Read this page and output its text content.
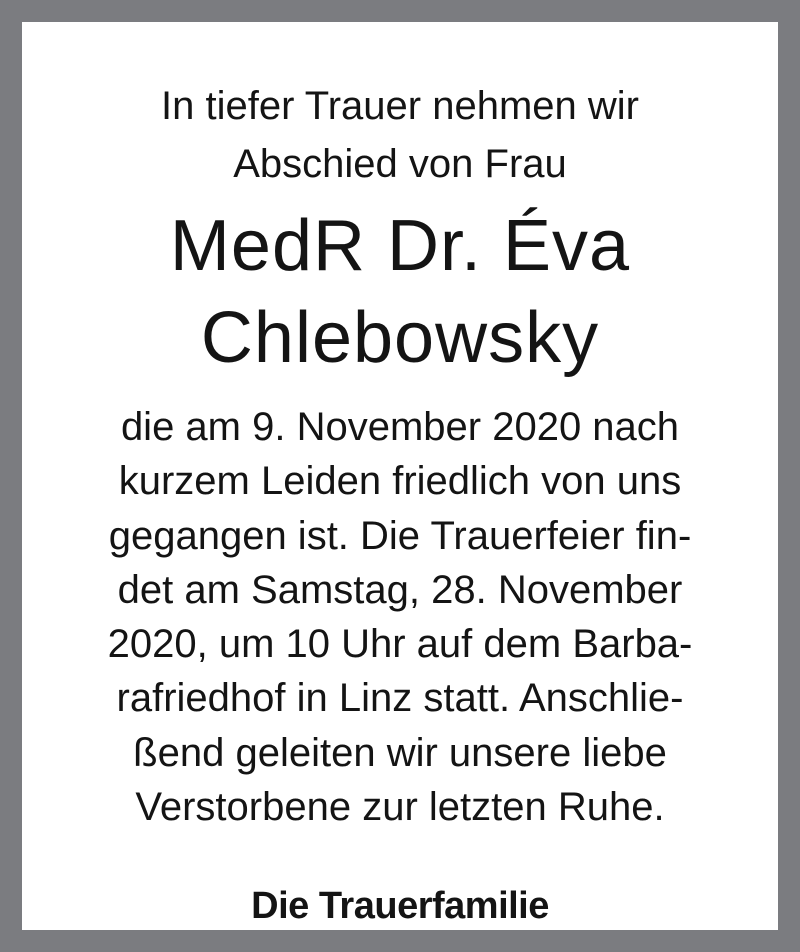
In tiefer Trauer nehmen wir
Abschied von Frau
MedR Dr. Éva
Chlebowsky
die am 9. November 2020 nach
kurzem Leiden friedlich von uns
gegangen ist. Die Trauerfeier fin-
det am Samstag, 28. November
2020, um 10 Uhr auf dem Barba-
rafriedhof in Linz statt. Anschlie-
ßend geleiten wir unsere liebe
Verstorbene zur letzten Ruhe.
Die Trauerfamilie
